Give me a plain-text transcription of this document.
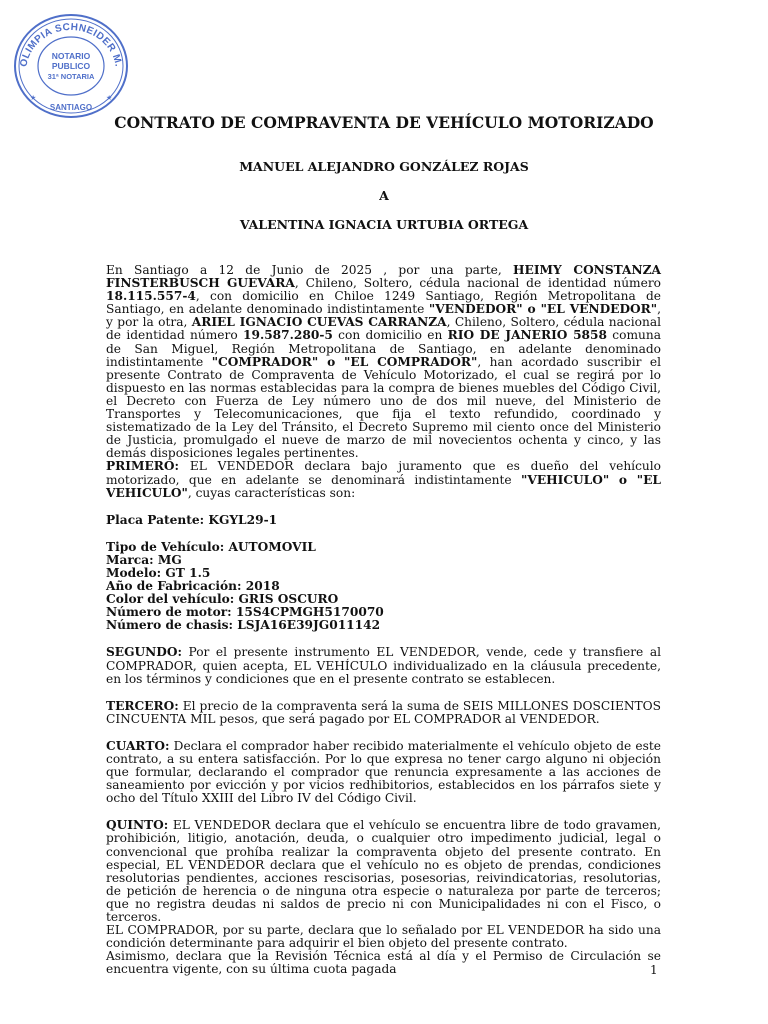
OLIMPIA SCHNEIDER M.
NOTARIO
PUBLICO
31ª NOTARIA
SANTIAGO
★	★
CONTRATO DE COMPRAVENTA DE VEHÍCULO MOTORIZADO
MANUEL ALEJANDRO GONZÁLEZ ROJAS
A
VALENTINA IGNACIA URTUBIA ORTEGA

En Santiago a 12 de Junio de 2025 , por una parte, HEIMY CONSTANZA FINSTERBUSCH GUEVARA, Chileno, Soltero, cédula nacional de identidad número 18.115.557-4, con domicilio en Chiloe 1249 Santiago, Región Metropolitana de Santiago, en adelante denominado indistintamente "VENDEDOR" o "EL VENDEDOR", y por la otra, ARIEL IGNACIO CUEVAS CARRANZA, Chileno, Soltero, cédula nacional de identidad número 19.587.280-5 con domicilio en RIO DE JANERIO 5858 comuna de San Miguel, Región Metropolitana de Santiago, en adelante denominado indistintamente "COMPRADOR" o "EL COMPRADOR", han acordado suscribir el presente Contrato de Compraventa de Vehículo Motorizado, el cual se regirá por lo dispuesto en las normas establecidas para la compra de bienes muebles del Código Civil, el Decreto con Fuerza de Ley número uno de dos mil nueve, del Ministerio de Transportes y Telecomunicaciones, que fija el texto refundido, coordinado y sistematizado de la Ley del Tránsito, el Decreto Supremo mil ciento once del Ministerio de Justicia, promulgado el nueve de marzo de mil novecientos ochenta y cinco, y las demás disposiciones legales pertinentes.

PRIMERO: EL VENDEDOR declara bajo juramento que es dueño del vehículo motorizado, que en adelante se denominará indistintamente "VEHICULO" o "EL VEHICULO", cuyas características son:

Placa Patente: KGYL29-1

Tipo de Vehículo: AUTOMOVIL

Marca: MG

Modelo: GT 1.5

Año de Fabricación: 2018

Color del vehículo: GRIS OSCURO

Número de motor: 15S4CPMGH5170070

Número de chasis: LSJA16E39JG011142

SEGUNDO: Por el presente instrumento EL VENDEDOR, vende, cede y transfiere al COMPRADOR, quien acepta, EL VEHÍCULO individualizado en la cláusula precedente, en los términos y condiciones que en el presente contrato se establecen.

TERCERO: El precio de la compraventa será la suma de SEIS MILLONES DOSCIENTOS CINCUENTA MIL pesos, que será pagado por EL COMPRADOR al VENDEDOR.

CUARTO: Declara el comprador haber recibido materialmente el vehículo objeto de este contrato, a su entera satisfacción. Por lo que expresa no tener cargo alguno ni objeción que formular, declarando el comprador que renuncia expresamente a las acciones de saneamiento por evicción y por vicios redhibitorios, establecidos en los párrafos siete y ocho del Título XXIII del Libro IV del Código Civil.

QUINTO: EL VENDEDOR declara que el vehículo se encuentra libre de todo gravamen, prohibición, litigio, anotación, deuda, o cualquier otro impedimento judicial, legal o convencional que prohíba realizar la compraventa objeto del presente contrato. En especial, EL VENDEDOR declara que el vehículo no es objeto de prendas, condiciones resolutorias pendientes, acciones rescisorias, posesorias, reivindicatorias, resolutorias, de petición de herencia o de ninguna otra especie o naturaleza por parte de terceros; que no registra deudas ni saldos de precio ni con Municipalidades ni con el Fisco, o terceros.

EL COMPRADOR, por su parte, declara que lo señalado por EL VENDEDOR ha sido una condición determinante para adquirir el bien objeto del presente contrato.

Asimismo, declara que la Revisión Técnica está al día y el Permiso de Circulación se encuentra vigente, con su última cuota pagada	1
